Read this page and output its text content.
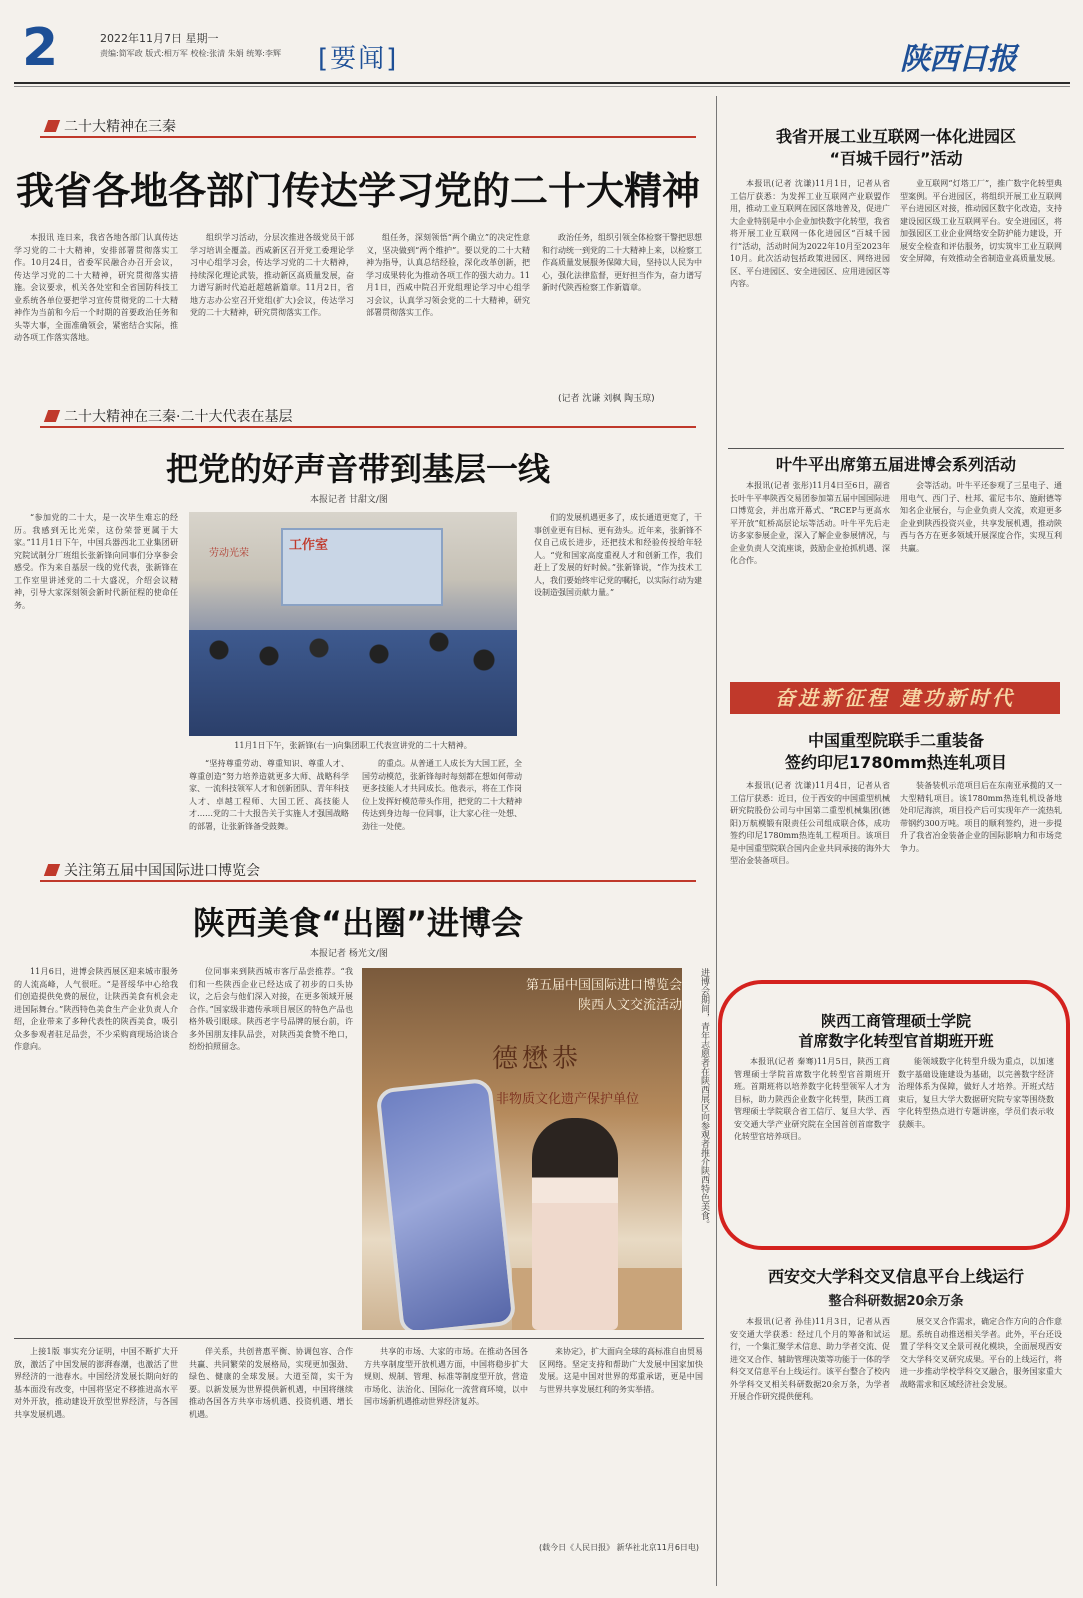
2	2022年11月7日 星期一
责编:简军政 版式:相万军 校检:张清 朱娟 统筹:李辉 [要闻]	陕西日报
二十大精神在三秦
我省各地各部门传达学习党的二十大精神

本报讯 连日来，我省各地各部门认真传达学习党的二十大精神，安排部署贯彻落实工作。10月24日，省委军民融合办召开会议，传达学习党的二十大精神，研究贯彻落实措施。会议要求，机关各处室和全省国防科技工业系统各单位要把学习宣传贯彻党的二十大精神作为当前和今后一个时期的首要政治任务和头等大事，全面准确领会，紧密结合实际，推动各项工作落实落地。

组织学习活动，分层次推进各级党员干部学习培训全覆盖。西咸新区召开党工委理论学习中心组学习会，传达学习党的二十大精神，持续深化理论武装，推动新区高质量发展，奋力谱写新时代追赶超越新篇章。11月2日，省地方志办公室召开党组(扩大)会议，传达学习党的二十大精神，研究贯彻落实工作。

组任务，深刻领悟“两个确立”的决定性意义，坚决做到“两个维护”。要以党的二十大精神为指导，认真总结经验，深化改革创新，把学习成果转化为推动各项工作的强大动力。11月1日，西咸中院召开党组理论学习中心组学习会议，认真学习领会党的二十大精神，研究部署贯彻落实工作。

政治任务，组织引领全体检察干警把思想和行动统一到党的二十大精神上来，以检察工作高质量发展服务保障大局，坚持以人民为中心，强化法律监督，更好担当作为，奋力谱写新时代陕西检察工作新篇章。

(记者 沈谦 刘枫 陶玉琼)
二十大精神在三秦·二十大代表在基层
把党的好声音带到基层一线
本报记者 甘甜文/图

“参加党的二十大，是一次毕生难忘的经历。我感到无比光荣，这份荣誉更属于大家。”11月1日下午，中国兵器西北工业集团研究院试制分厂班组长张新锋向同事们分享参会感受。作为来自基层一线的党代表，张新锋在工作室里讲述党的二十大盛况，介绍会议精神，引导大家深刻领会新时代新征程的使命任务。

工作室
劳动光荣
11月1日下午，张新锋(右一)向集团职工代表宣讲党的二十大精神。

“坚持尊重劳动、尊重知识、尊重人才、尊重创造”努力培养造就更多大师、战略科学家、一流科技领军人才和创新团队、青年科技人才、卓越工程师、大国工匠、高技能人才……党的二十大报告关于实施人才强国战略的部署，让张新锋备受鼓舞。

的重点。从普通工人成长为大国工匠，全国劳动模范，张新锋每时每刻都在想如何带动更多技能人才共同成长。他表示，将在工作岗位上发挥好模范带头作用，把党的二十大精神传达到身边每一位同事，让大家心往一处想、劲往一处使。

们的发展机遇更多了，成长通道更宽了，干事创业更有目标、更有劲头。近年来，张新锋不仅自己成长进步，还把技术和经验传授给年轻人。“党和国家高度重视人才和创新工作，我们赶上了发展的好时候。”张新锋说，“作为技术工人，我们要始终牢记党的嘱托，以实际行动为建设制造强国贡献力量。”

关注第五届中国国际进口博览会
陕西美食“出圈”进博会
本报记者 杨光文/图

11月6日，进博会陕西展区迎来城市服务的人流高峰，人气很旺。“是晋绥华中心给我们创造提供免费的展位，让陕西美食有机会走进国际舞台。”陕西特色美食生产企业负责人介绍，企业带来了多种代表性的陕西美食，吸引众多参观者驻足品尝，不少采购商现场洽谈合作意向。

位同事来到陕西城市客厅品尝推荐。“我们和一些陕西企业已经达成了初步的口头协议，之后会与他们深入对接，在更多领域开展合作。”国家级非遗传承项目展区的特色产品也格外吸引眼球。陕西老字号品牌的展台前，许多外国朋友排队品尝，对陕西美食赞不绝口，纷纷拍照留念。

第五届中国国际进口博览会
陕西人文交流活动
德懋恭
非物质文化遗产保护单位	进博会期间，青年志愿者在陕西展区向参观者推介陕西特色美食。

上接1版 事实充分证明，中国不断扩大开放，激活了中国发展的澎湃春潮，也激活了世界经济的一池春水。中国经济发展长期向好的基本面没有改变，中国将坚定不移推进高水平对外开放，推动建设开放型世界经济，与各国共享发展机遇。

伴关系，共创普惠平衡、协调包容、合作共赢、共同繁荣的发展格局，实现更加强劲、绿色、健康的全球发展。大道至简，实干为要。以新发展为世界提供新机遇，中国将继续推动各国各方共享市场机遇、投资机遇、增长机遇。

共享的市场、大家的市场。在推动各国各方共享制度型开放机遇方面，中国将稳步扩大规则、规制、管理、标准等制度型开放，营造市场化、法治化、国际化一流营商环境，以中国市场新机遇推动世界经济复苏。

来协定》，扩大面向全球的高标准自由贸易区网络。坚定支持和帮助广大发展中国家加快发展。这是中国对世界的郑重承诺，更是中国与世界共享发展红利的务实举措。

(载今日《人民日报》 新华社北京11月6日电)
我省开展工业互联网一体化进园区
“百城千园行”活动

本报讯(记者 沈谦)11月1日，记者从省工信厅获悉：为发挥工业互联网产业联盟作用，推动工业互联网在园区落地普及，促进广大企业特别是中小企业加快数字化转型，我省将开展工业互联网一体化进园区“百城千园行”活动，活动时间为2022年10月至2023年10月。此次活动包括政策进园区、网络进园区、平台进园区、安全进园区、应用进园区等内容。

业互联网“灯塔工厂”，推广数字化转型典型案例。平台进园区，将组织开展工业互联网平台进园区对接，推动园区数字化改造，支持建设园区级工业互联网平台。安全进园区，将加强园区工业企业网络安全防护能力建设，开展安全检查和评估服务，切实筑牢工业互联网安全屏障，有效推动全省制造业高质量发展。

叶牛平出席第五届进博会系列活动

本报讯(记者 张彤)11月4日至6日，副省长叶牛平率陕西交易团参加第五届中国国际进口博览会，并出席开幕式、“RCEP与更高水平开放”虹桥高层论坛等活动。叶牛平先后走访多家参展企业，深入了解企业参展情况，与企业负责人交流座谈，鼓励企业抢抓机遇、深化合作。

会等活动。叶牛平还参观了三星电子、通用电气、西门子、杜邦、霍尼韦尔、施耐德等知名企业展台，与企业负责人交流，欢迎更多企业到陕西投资兴业，共享发展机遇，推动陕西与各方在更多领域开展深度合作，实现互利共赢。

奋进新征程 建功新时代
中国重型院联手二重装备
签约印尼1780mm热连轧项目

本报讯(记者 沈谦)11月4日，记者从省工信厅获悉：近日，位于西安的中国重型机械研究院股份公司与中国第二重型机械集团(德阳)万航模锻有限责任公司组成联合体，成功签约印尼1780mm热连轧工程项目。该项目是中国重型院联合国内企业共同承接的海外大型冶金装备项目。

装备装机示范项目后在东南亚承揽的又一大型精轧项目。该1780mm热连轧机设备地处印尼海滨，项目投产后可实现年产一流热轧带钢约300万吨。项目的顺利签约，进一步提升了我省冶金装备企业的国际影响力和市场竞争力。

陕西工商管理硕士学院
首席数字化转型官首期班开班

本报讯(记者 秦骞)11月5日，陕西工商管理硕士学院首席数字化转型官首期班开班。首期班将以培养数字化转型领军人才为目标，助力陕西企业数字化转型，陕西工商管理硕士学院联合省工信厅、复旦大学、西安交通大学产业研究院在全国首创首席数字化转型官培养项目。

能领域数字化转型升级为重点，以加速数字基础设施建设为基础，以完善数字经济治理体系为保障，做好人才培养。开班式结束后，复旦大学大数据研究院专家等围绕数字化转型热点进行专题讲座，学员们表示收获颇丰。

西安交大学科交叉信息平台上线运行
整合科研数据20余万条

本报讯(记者 孙佳)11月3日，记者从西安交通大学获悉：经过几个月的筹备和试运行，一个集汇聚学术信息、助力学者交流、促进交叉合作、辅助管理决策等功能于一体的学科交叉信息平台上线运行。该平台整合了校内外学科交叉相关科研数据20余万条，为学者开展合作研究提供便利。

展交叉合作需求，确定合作方向的合作意愿。系统自动推送相关学者。此外，平台还设置了学科交叉全景可视化模块，全面展现西安交大学科交叉研究成果。平台的上线运行，将进一步推动学校学科交叉融合，服务国家重大战略需求和区域经济社会发展。
